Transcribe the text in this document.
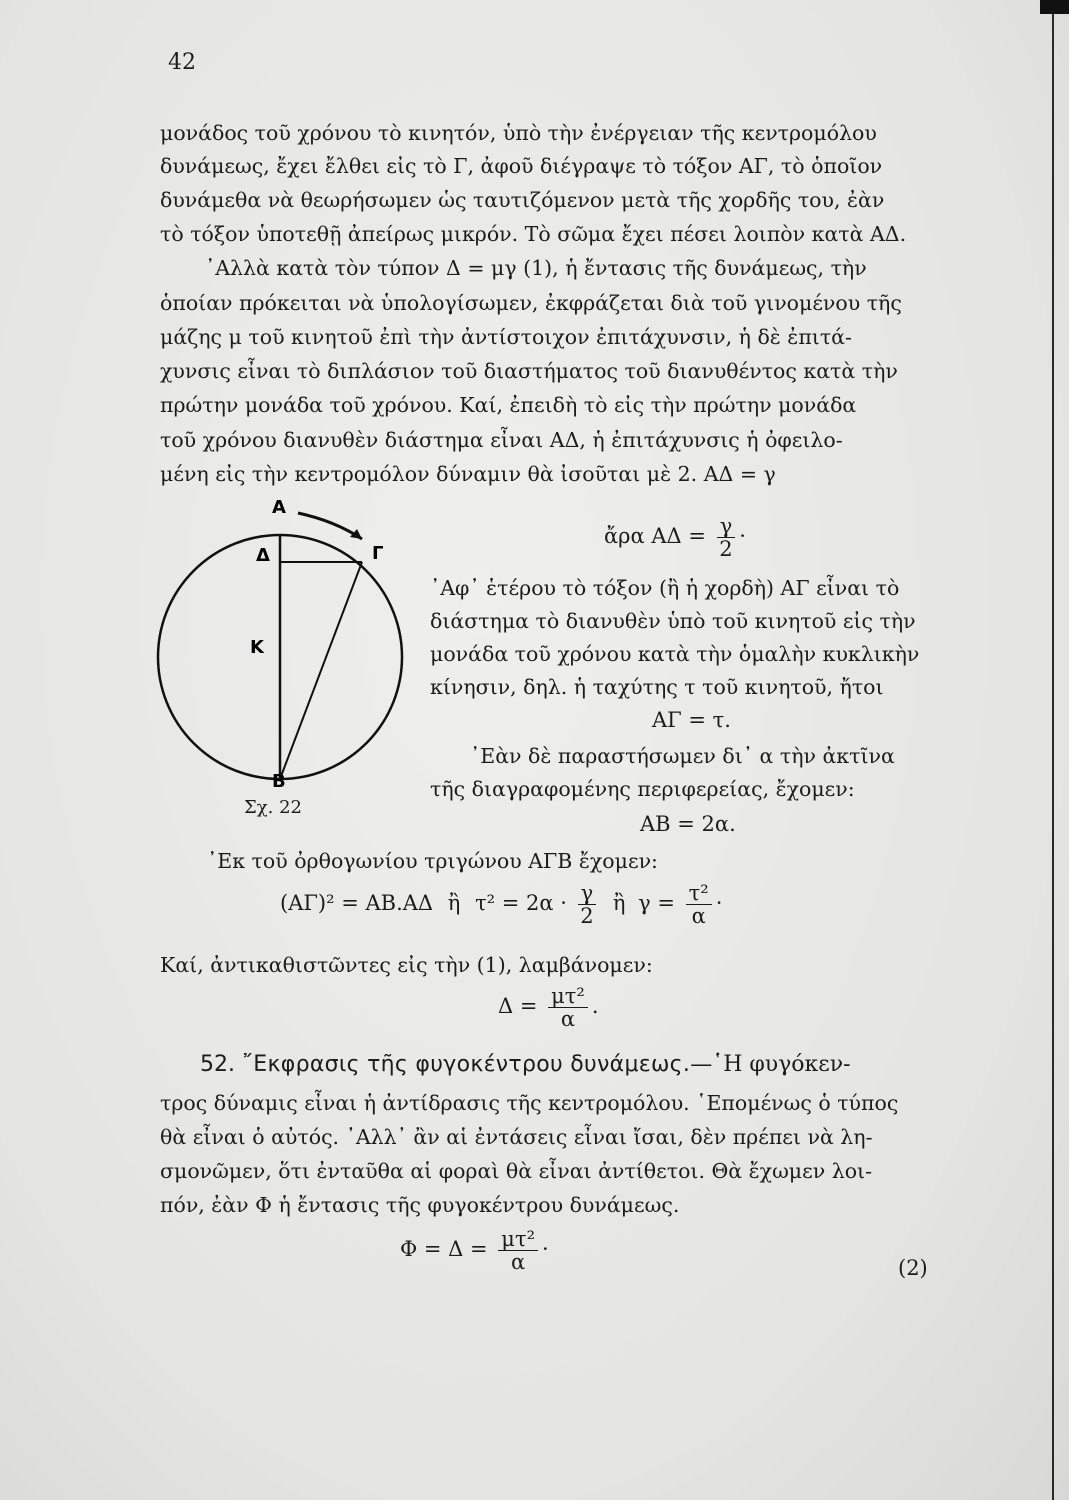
42
μονάδος τοῦ χρόνου τὸ κινητόν, ὑπὸ τὴν ἐνέργειαν τῆς κεντρομόλου
δυνάμεως, ἔχει ἔλθει εἰς τὸ Γ, ἀφοῦ διέγραψε τὸ τόξον ΑΓ, τὸ ὁποῖον
δυνάμεθα νὰ θεωρήσωμεν ὡς ταυτιζόμενον μετὰ τῆς χορδῆς του, ἐὰν
τὸ τόξον ὑποτεθῇ ἀπείρως μικρόν. Τὸ σῶμα ἔχει πέσει λοιπὸν κατὰ ΑΔ.
᾿Αλλὰ κατὰ τὸν τύπον Δ = μγ (1), ἡ ἔντασις τῆς δυνάμεως, τὴν
ὁποίαν πρόκειται νὰ ὑπολογίσωμεν, ἐκφράζεται διὰ τοῦ γινομένου τῆς
μάζης μ τοῦ κινητοῦ ἐπὶ τὴν ἀντίστοιχον ἐπιτάχυνσιν, ἡ δὲ ἐπιτά-
χυνσις εἶναι τὸ διπλάσιον τοῦ διαστήματος τοῦ διανυθέντος κατὰ τὴν
πρώτην μονάδα τοῦ χρόνου. Καί, ἐπειδὴ τὸ εἰς τὴν πρώτην μονάδα
τοῦ χρόνου διανυθὲν διάστημα εἶναι ΑΔ, ἡ ἐπιτάχυνσις ἡ ὀφειλο-
μένη εἰς τὴν κεντρομόλον δύναμιν θὰ ἰσοῦται μὲ 2. ΑΔ = γ
Α
Δ	Γ
Κ
Β
Σχ. 22
ἄρα $A\Delta = \frac{\gamma}{2}$ ·
᾿Αφ᾿ ἑτέρου τὸ τόξον (ἢ ἡ χορδὴ) ΑΓ εἶναι τὸ
διάστημα τὸ διανυθὲν ὑπὸ τοῦ κινητοῦ εἰς τὴν
μονάδα τοῦ χρόνου κατὰ τὴν ὁμαλὴν κυκλικὴν
κίνησιν, δηλ. ἡ ταχύτης τ τοῦ κινητοῦ, ἤτοι
ΑΓ = τ.
᾿Εὰν δὲ παραστήσωμεν δι᾿ α τὴν ἀκτῖνα
τῆς διαγραφομένης περιφερείας, ἔχομεν:
ΑΒ = 2α.
᾿Εκ τοῦ ὀρθογωνίου τριγώνου ΑΓΒ ἔχομεν:
(ΑΓ)² = ΑΒ.ΑΔ ἢ $\tau^2 = 2\alpha \cdot \frac{\gamma}{2}$ ἢ $\gamma = \frac{\text{τ²}}{\alpha}$ ·
Καί, ἀντικαθιστῶντες εἰς τὴν (1), λαμβάνομεν:
$\Delta = \frac{\text{μτ²}}{\alpha}$ .
52. ῎Εκφρασις τῆς φυγοκέντρου δυνάμεως.—῾Η φυγόκεν-
τρος δύναμις εἶναι ἡ ἀντίδρασις τῆς κεντρομόλου. ῾Επομένως ὁ τύπος
θὰ εἶναι ὁ αὐτός. ᾿Αλλ᾿ ἂν αἱ ἐντάσεις εἶναι ἴσαι, δὲν πρέπει νὰ λη-
σμονῶμεν, ὅτι ἐνταῦθα αἱ φοραὶ θὰ εἶναι ἀντίθετοι. Θὰ ἔχωμεν λοι-
πόν, ἐὰν Φ ἡ ἔντασις τῆς φυγοκέντρου δυνάμεως.
$\Phi = \Delta = \frac{\text{μτ²}}{\alpha}$ ·
(2)
